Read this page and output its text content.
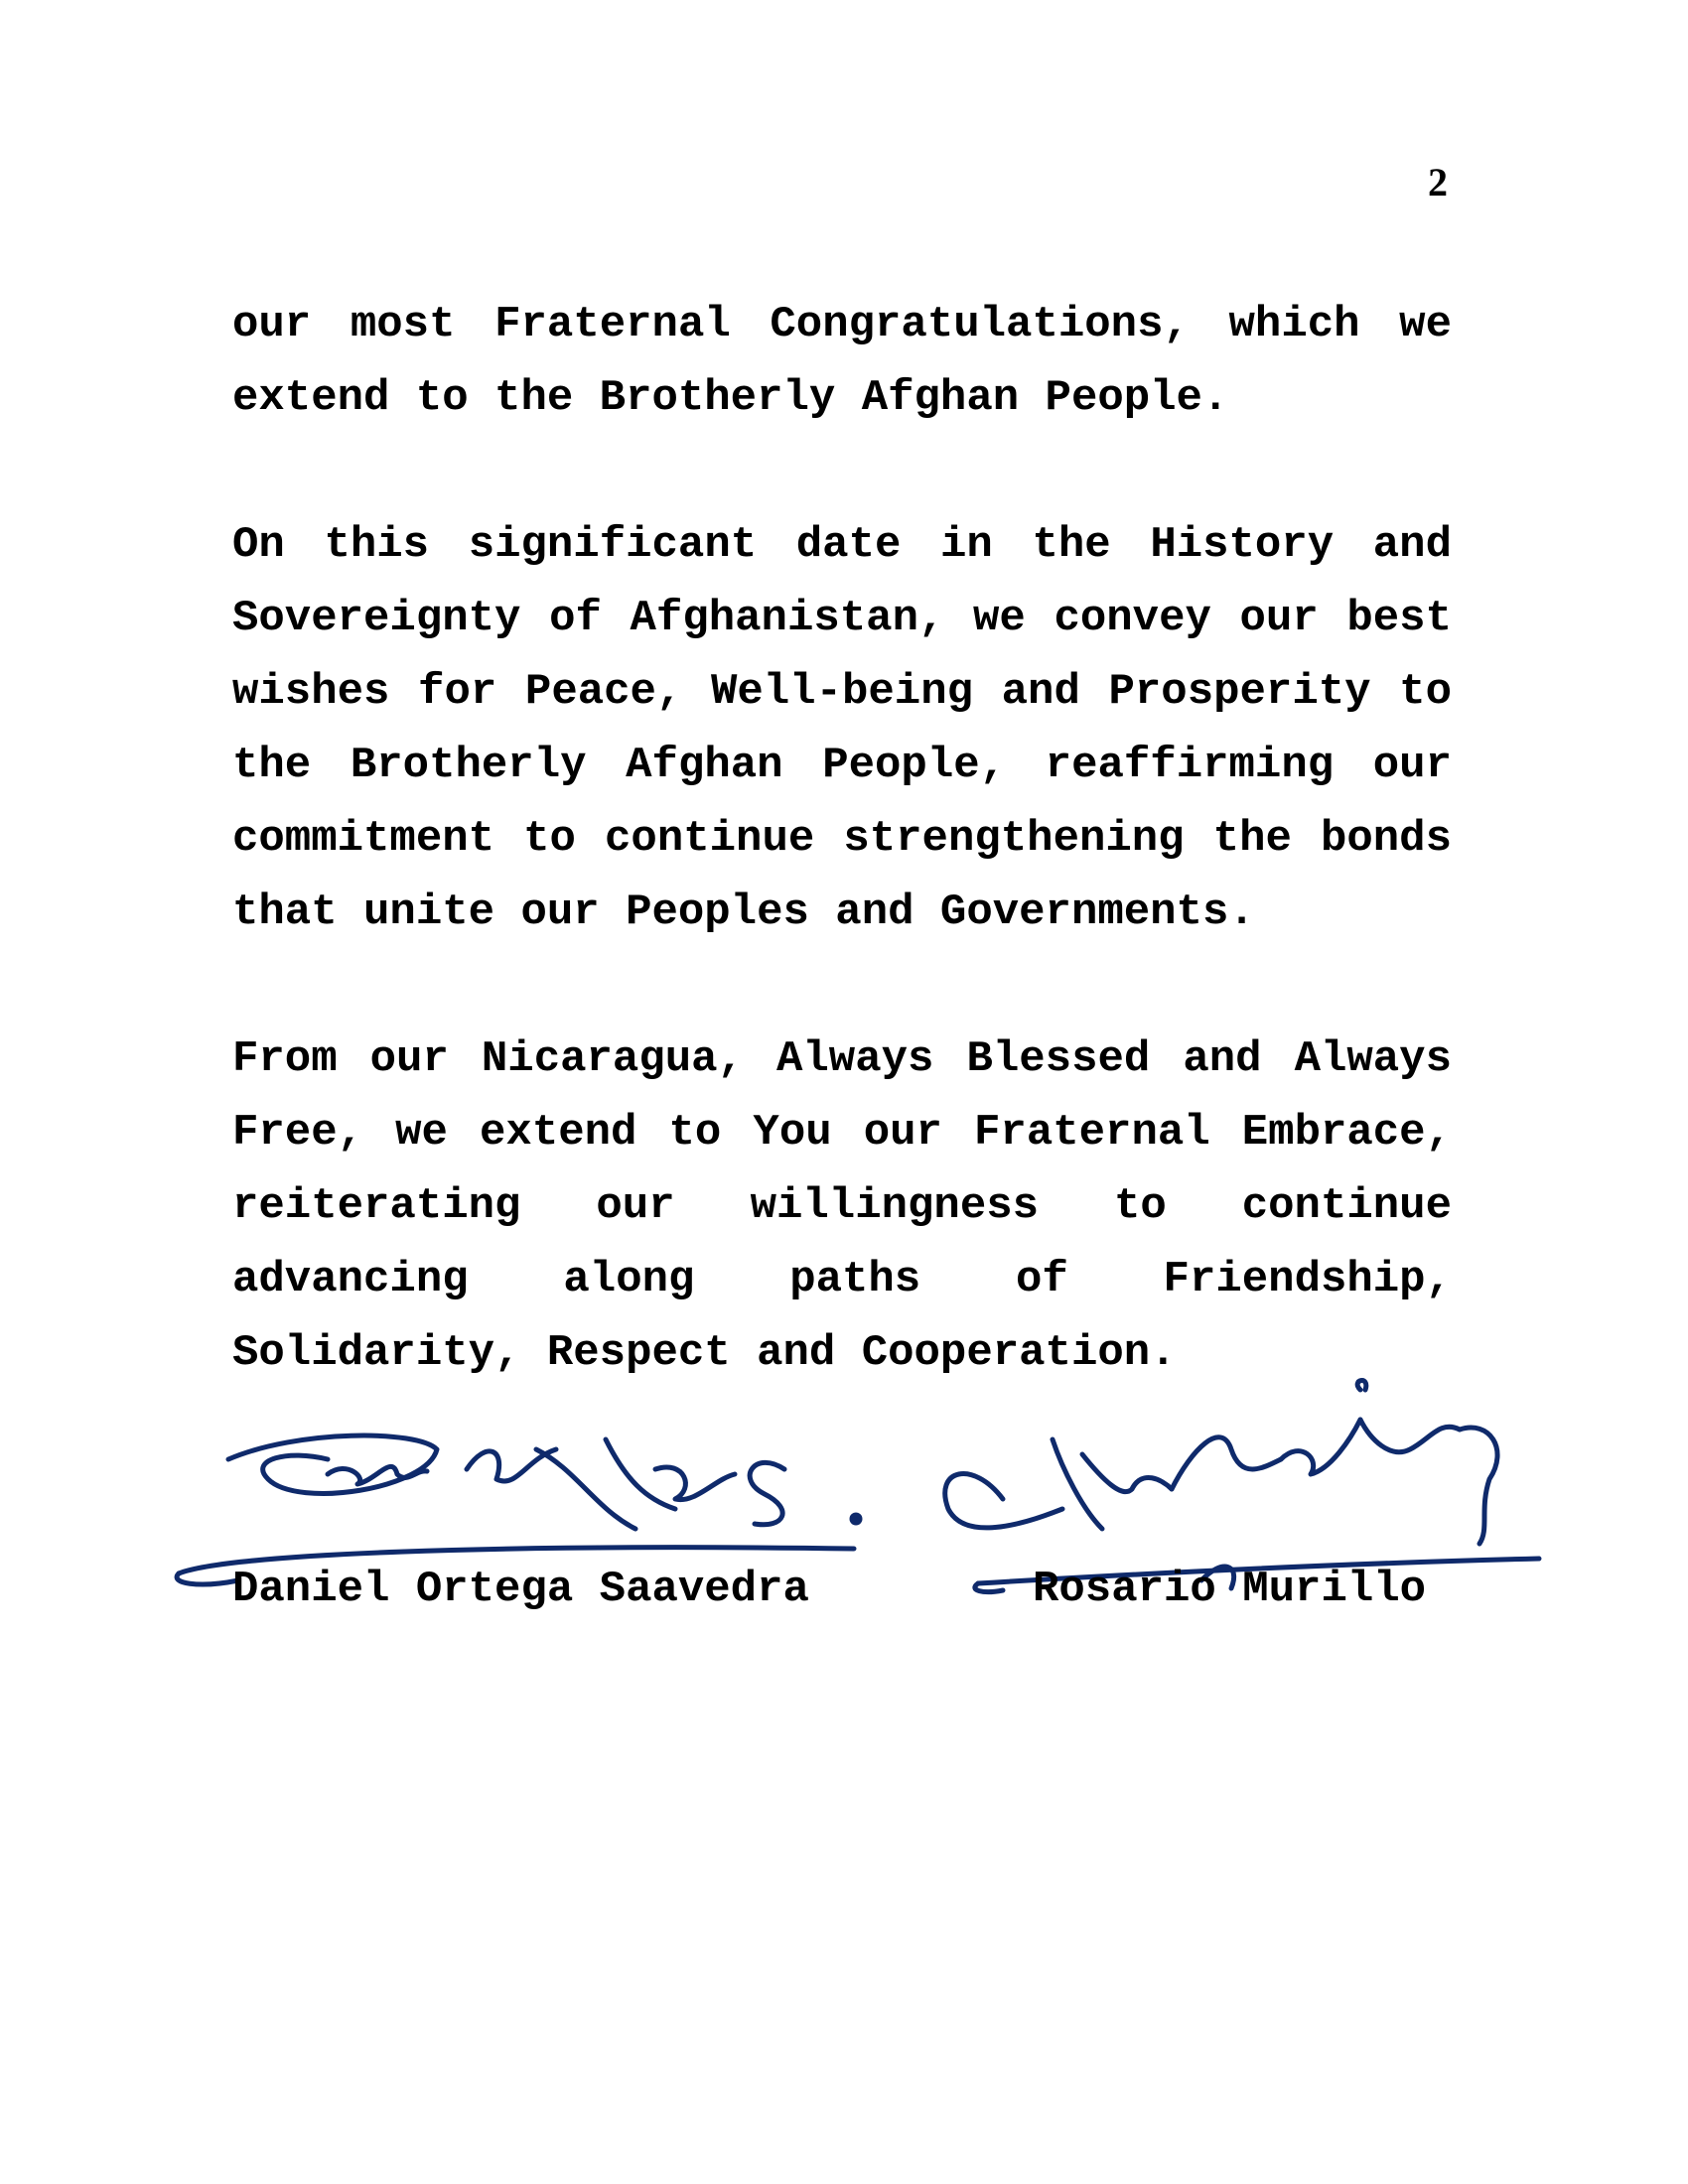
2

our most Fraternal Congratulations, which we extend to the Brotherly Afghan People.

On this significant date in the History and Sovereignty of Afghanistan, we convey our best wishes for Peace, Well-being and Prosperity to the Brotherly Afghan People, reaffirming our commitment to continue strengthening the bonds that unite our Peoples and Governments.

From our Nicaragua, Always Blessed and Always Free, we extend to You our Fraternal Embrace, reiterating our willingness to continue advancing along paths of Friendship, Solidarity, Respect and Cooperation.

Daniel Ortega Saavedra	Rosario Murillo
